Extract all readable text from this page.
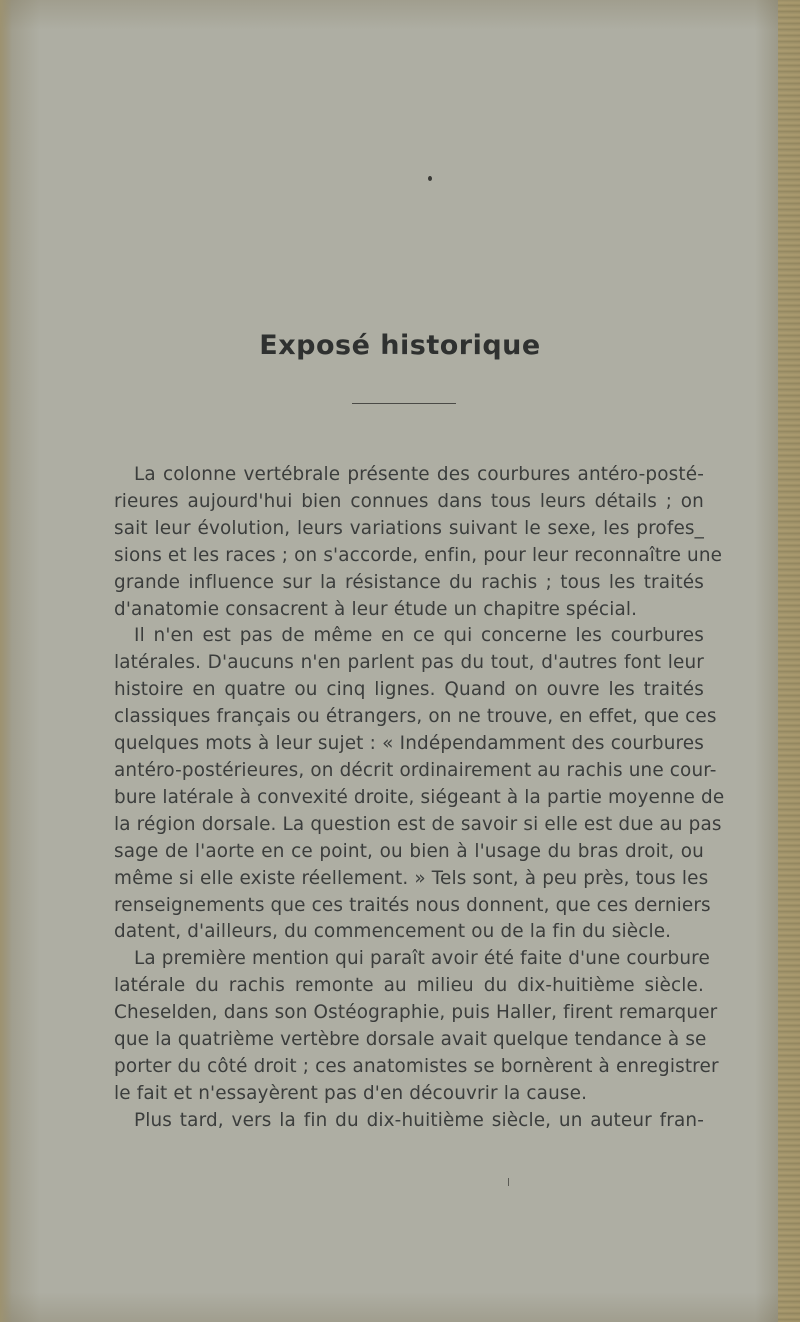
Exposé historique
La colonne vertébrale présente des courbures antéro-posté-
rieures aujourd'hui bien connues dans tous leurs détails ; on
sait leur évolution, leurs variations suivant le sexe, les profes_
sions et les races ; on s'accorde, enfin, pour leur reconnaître une
grande influence sur la résistance du rachis ; tous les traités
d'anatomie consacrent à leur étude un chapitre spécial.
Il n'en est pas de même en ce qui concerne les courbures
latérales. D'aucuns n'en parlent pas du tout, d'autres font leur
histoire en quatre ou cinq lignes. Quand on ouvre les traités
classiques français ou étrangers, on ne trouve, en effet, que ces
quelques mots à leur sujet : « Indépendamment des courbures
antéro-postérieures, on décrit ordinairement au rachis une cour-
bure latérale à convexité droite, siégeant à la partie moyenne de
la région dorsale. La question est de savoir si elle est due au pas
sage de l'aorte en ce point, ou bien à l'usage du bras droit, ou
même si elle existe réellement. » Tels sont, à peu près, tous les
renseignements que ces traités nous donnent, que ces derniers
datent, d'ailleurs, du commencement ou de la fin du siècle.
La première mention qui paraît avoir été faite d'une courbure
latérale du rachis remonte au milieu du dix-huitième siècle.
Cheselden, dans son Ostéographie, puis Haller, firent remarquer
que la quatrième vertèbre dorsale avait quelque tendance à se
porter du côté droit ; ces anatomistes se bornèrent à enregistrer
le fait et n'essayèrent pas d'en découvrir la cause.
Plus tard, vers la fin du dix-huitième siècle, un auteur fran-
